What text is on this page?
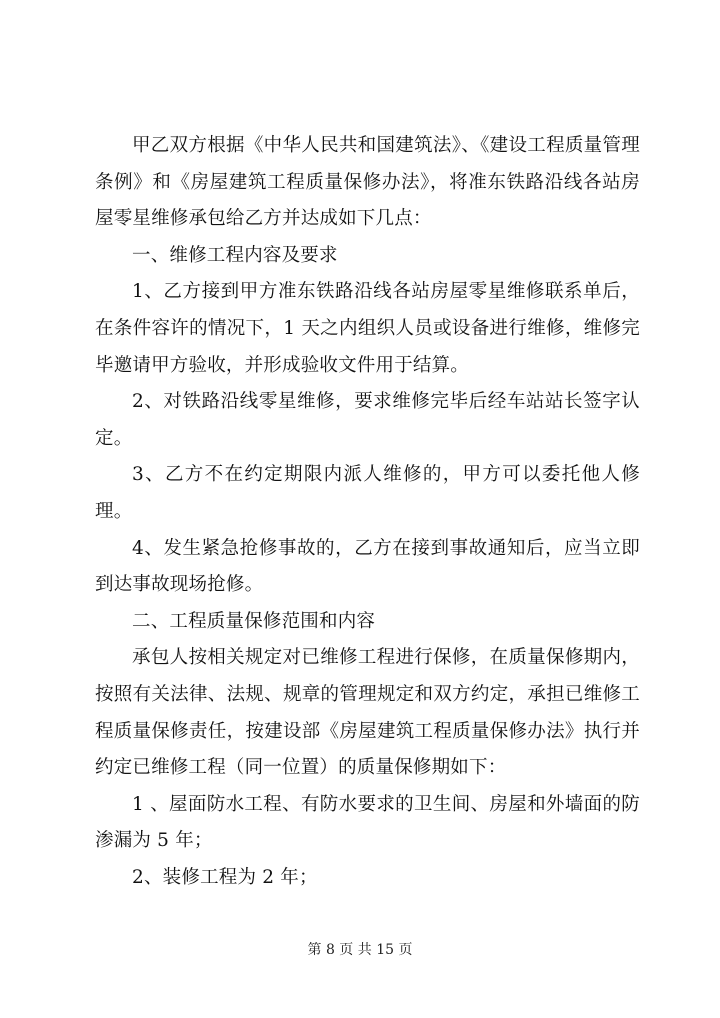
甲乙双方根据《中华人民共和国建筑法》、《建设工程质量管理条例》和《房屋建筑工程质量保修办法》，将准东铁路沿线各站房屋零星维修承包给乙方并达成如下几点：

一、维修工程内容及要求

1、乙方接到甲方准东铁路沿线各站房屋零星维修联系单后，在条件容许的情况下，1 天之内组织人员或设备进行维修，维修完毕邀请甲方验收，并形成验收文件用于结算。

2、对铁路沿线零星维修，要求维修完毕后经车站站长签字认定。

3、乙方不在约定期限内派人维修的，甲方可以委托他人修理。

4、发生紧急抢修事故的，乙方在接到事故通知后，应当立即到达事故现场抢修。

二、工程质量保修范围和内容

承包人按相关规定对已维修工程进行保修，在质量保修期内，按照有关法律、法规、规章的管理规定和双方约定，承担已维修工程质量保修责任，按建设部《房屋建筑工程质量保修办法》执行并约定已维修工程（同一位置）的质量保修期如下：

1 、屋面防水工程、有防水要求的卫生间、房屋和外墙面的防渗漏为 5 年；

2、装修工程为 2 年；

第 8 页 共 15 页
